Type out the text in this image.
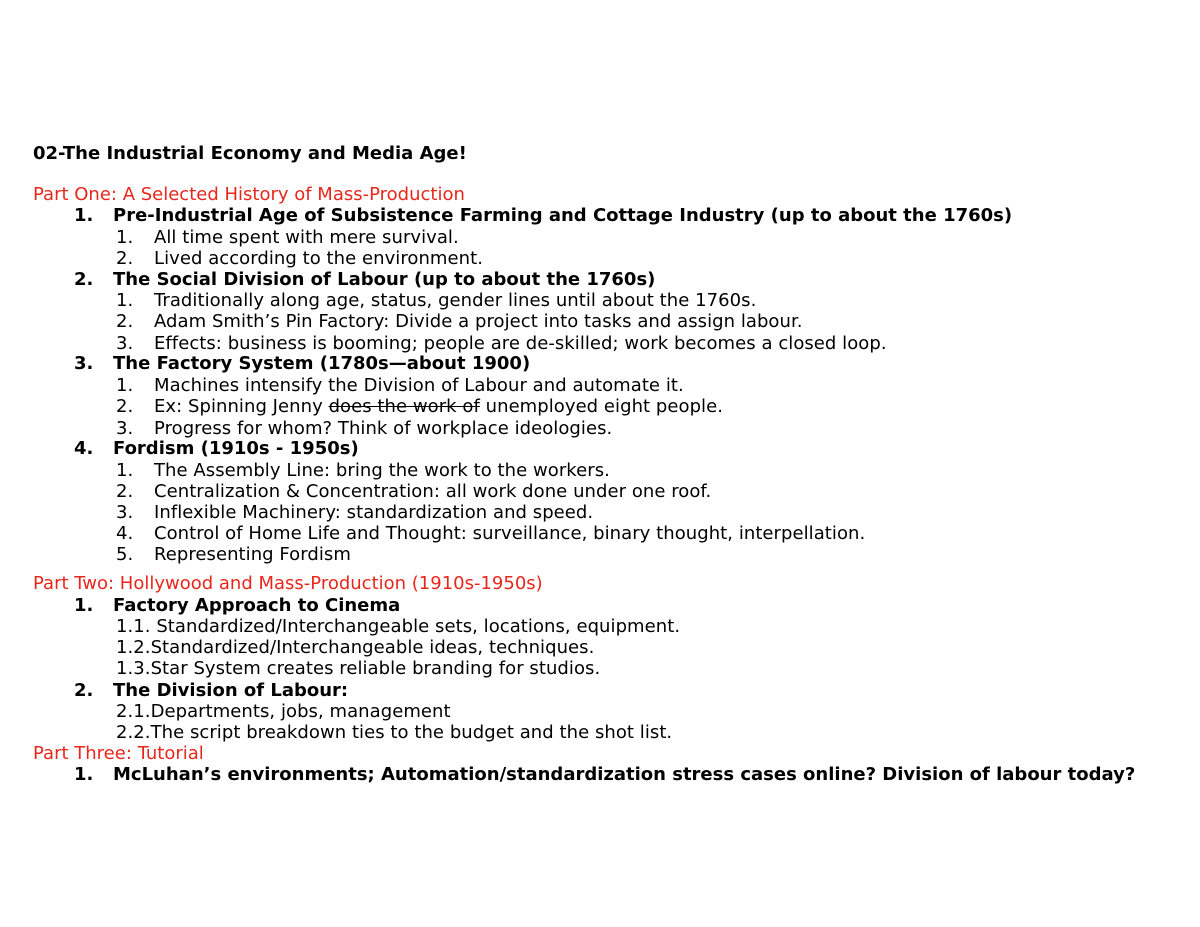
02-The Industrial Economy and Media Age!
Part One: A Selected History of Mass-Production
1. Pre-Industrial Age of Subsistence Farming and Cottage Industry (up to about the 1760s)
1. All time spent with mere survival.
2. Lived according to the environment.
2. The Social Division of Labour (up to about the 1760s)
1. Traditionally along age, status, gender lines until about the 1760s.
2. Adam Smith’s Pin Factory: Divide a project into tasks and assign labour.
3. Effects: business is booming; people are de-skilled; work becomes a closed loop.
3. The Factory System (1780s—about 1900)
1. Machines intensify the Division of Labour and automate it.
2. Ex: Spinning Jenny does the work of unemployed eight people.
3. Progress for whom? Think of workplace ideologies.
4. Fordism (1910s - 1950s)
1. The Assembly Line: bring the work to the workers.
2. Centralization & Concentration: all work done under one roof.
3. Inflexible Machinery: standardization and speed.
4. Control of Home Life and Thought: surveillance, binary thought, interpellation.
5. Representing Fordism
Part Two: Hollywood and Mass-Production (1910s-1950s)
1. Factory Approach to Cinema
1.1. Standardized/Interchangeable sets, locations, equipment.
1.2.Standardized/Interchangeable ideas, techniques.
1.3.Star System creates reliable branding for studios.
2. The Division of Labour:
2.1.Departments, jobs, management
2.2.The script breakdown ties to the budget and the shot list.
Part Three: Tutorial
1. McLuhan’s environments; Automation/standardization stress cases online? Division of labour today?
